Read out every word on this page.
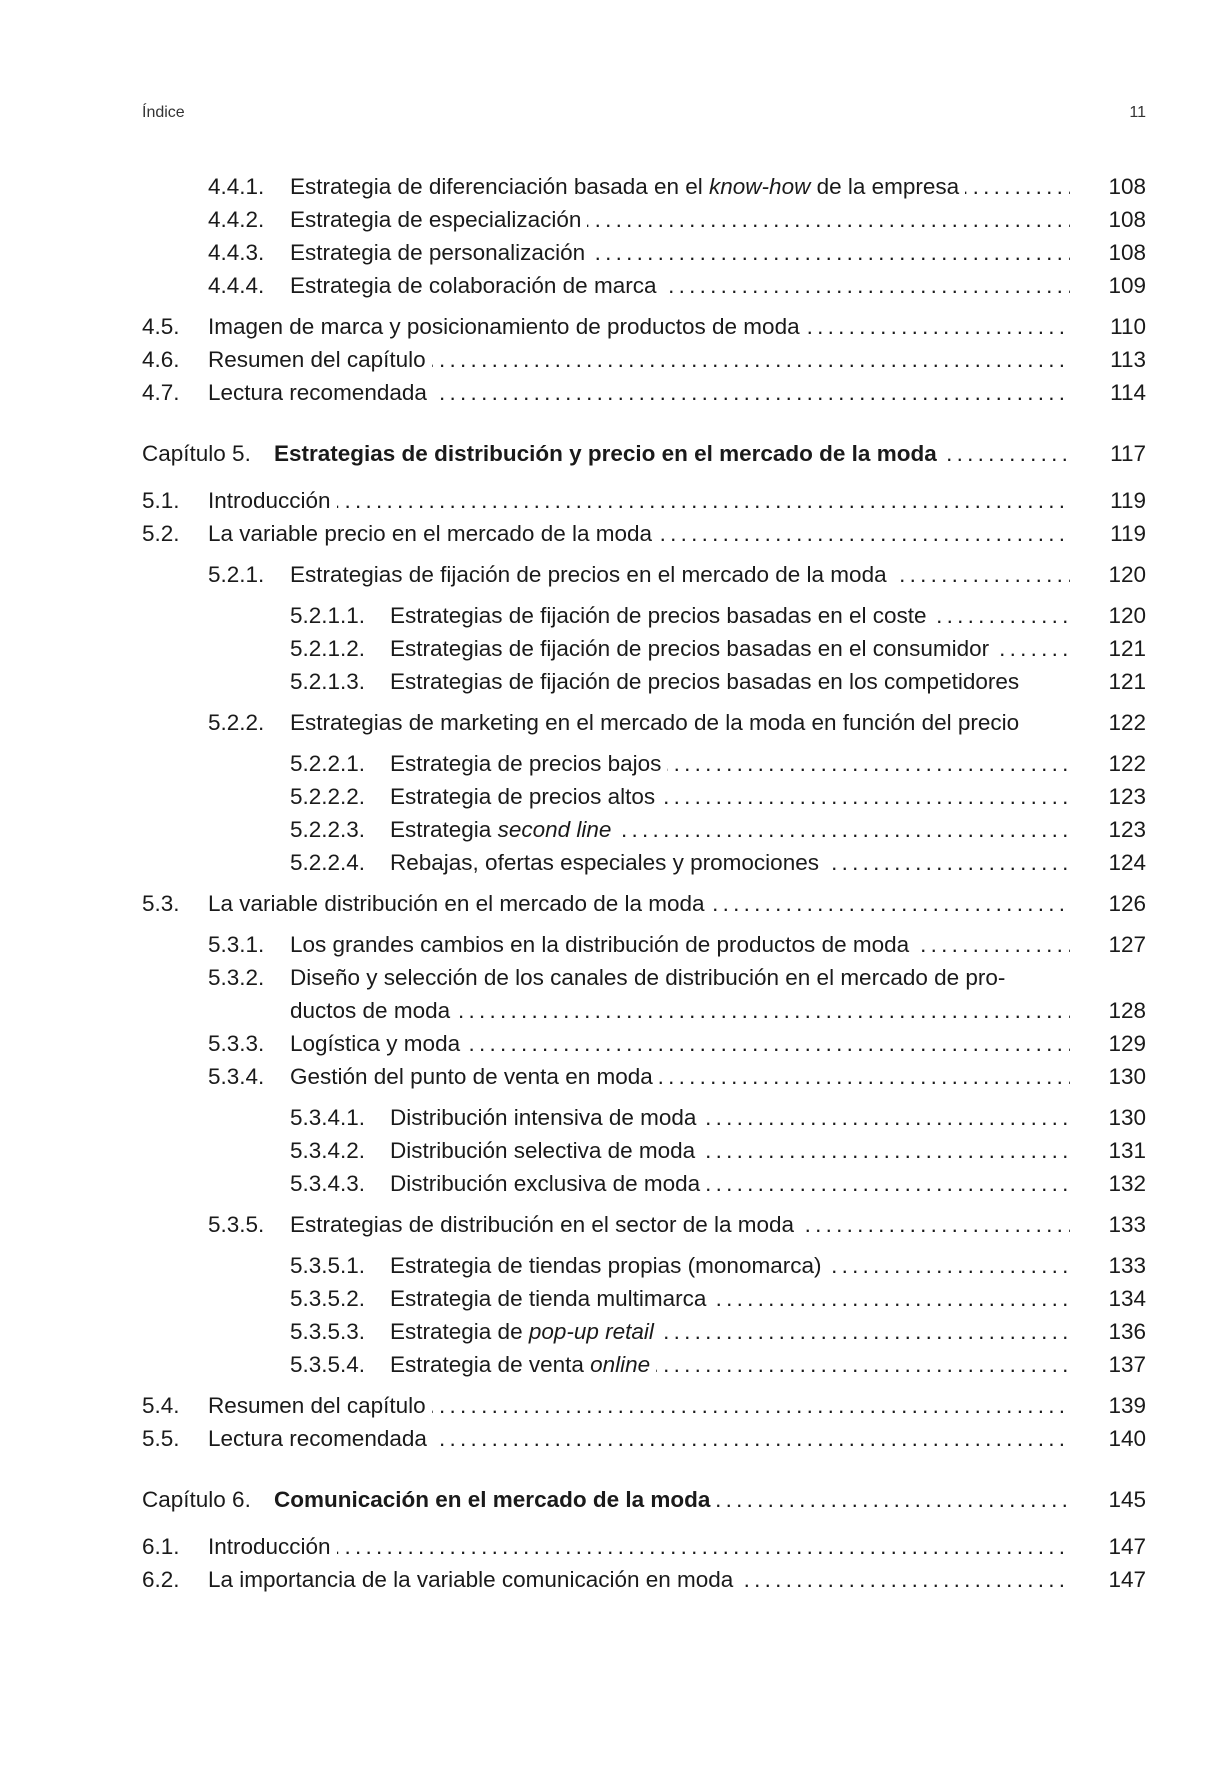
Índice	11
4.4.1. Estrategia de diferenciación basada en el know-how de la empresa . . .	108
4.4.2. Estrategia de especialización . . .	108
4.4.3. Estrategia de personalización . . .	108
4.4.4. Estrategia de colaboración de marca . . .	109
4.5. Imagen de marca y posicionamiento de productos de moda . . .	110
4.6. Resumen del capítulo . . .	113
4.7. Lectura recomendada . . .	114
Capítulo 5. Estrategias de distribución y precio en el mercado de la moda . . .	117
5.1. Introducción . . .	119
5.2. La variable precio en el mercado de la moda . . .	119
5.2.1. Estrategias de fijación de precios en el mercado de la moda . . .	120
5.2.1.1. Estrategias de fijación de precios basadas en el coste . . .	120
5.2.1.2. Estrategias de fijación de precios basadas en el consumidor . . .	121
5.2.1.3. Estrategias de fijación de precios basadas en los competidores	121
5.2.2. Estrategias de marketing en el mercado de la moda en función del precio	122
5.2.2.1. Estrategia de precios bajos . . .	122
5.2.2.2. Estrategia de precios altos . . .	123
5.2.2.3. Estrategia second line . . .	123
5.2.2.4. Rebajas, ofertas especiales y promociones . . .	124
5.3. La variable distribución en el mercado de la moda . . .	126
5.3.1. Los grandes cambios en la distribución de productos de moda . . .	127
5.3.2. Diseño y selección de los canales de distribución en el mercado de pro-
ductos de moda . . .	128
5.3.3. Logística y moda . . .	129
5.3.4. Gestión del punto de venta en moda . . .	130
5.3.4.1. Distribución intensiva de moda . . .	130
5.3.4.2. Distribución selectiva de moda . . .	131
5.3.4.3. Distribución exclusiva de moda . . .	132
5.3.5. Estrategias de distribución en el sector de la moda . . .	133
5.3.5.1. Estrategia de tiendas propias (monomarca) . . .	133
5.3.5.2. Estrategia de tienda multimarca . . .	134
5.3.5.3. Estrategia de pop-up retail . . .	136
5.3.5.4. Estrategia de venta online . . .	137
5.4. Resumen del capítulo . . .	139
5.5. Lectura recomendada . . .	140
Capítulo 6. Comunicación en el mercado de la moda . . .	145
6.1. Introducción . . .	147
6.2. La importancia de la variable comunicación en moda . . .	147
